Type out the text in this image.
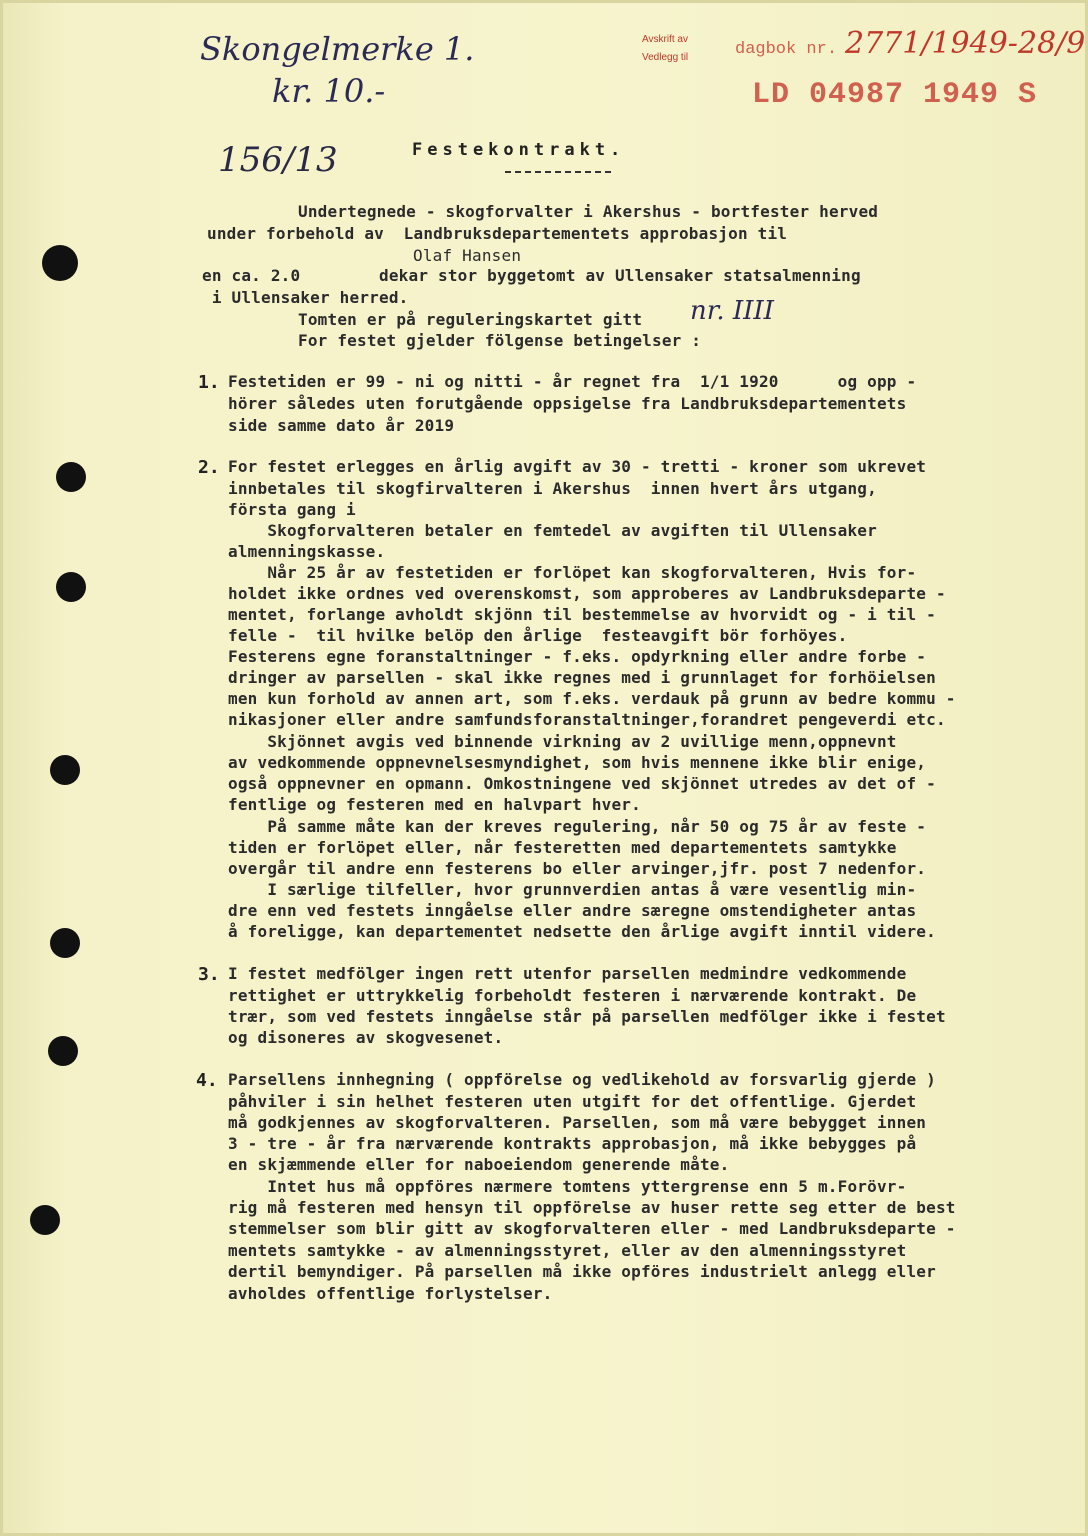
Skongelmerke 1.
kr. 10.-
Avskrift av
Vedlegg til	dagbok nr. 2771/1949-28/9
LD 04987 1949 S
156/13	Festekontrakt.
Undertegnede - skogforvalter i Akershus - bortfester herved
under forbehold av  Landbruksdepartementets approbasjon til
Olaf Hansen
en ca. 2.0        dekar stor byggetomt av Ullensaker statsalmenning
i Ullensaker herred.
Tomten er på reguleringskartet gitt nr. IIII
For festet gjelder fölgense betingelser :
1. Festetiden er 99 - ni og nitti - år regnet fra  1/1 1920      og opp -
hörer således uten forutgående oppsigelse fra Landbruksdepartementets
side samme dato år 2019
2. For festet erlegges en årlig avgift av 30 - tretti - kroner som ukrevet
innbetales til skogfirvalteren i Akershus  innen hvert års utgang,
första gang i
Skogforvalteren betaler en femtedel av avgiften til Ullensaker
almenningskasse.
Når 25 år av festetiden er forlöpet kan skogforvalteren, Hvis for-
holdet ikke ordnes ved overenskomst, som approberes av Landbruksdeparte -
mentet, forlange avholdt skjönn til bestemmelse av hvorvidt og - i til -
felle -  til hvilke belöp den årlige  festeavgift bör forhöyes.
Festerens egne foranstaltninger - f.eks. opdyrkning eller andre forbe -
dringer av parsellen - skal ikke regnes med i grunnlaget for forhöielsen
men kun forhold av annen art, som f.eks. verdauk på grunn av bedre kommu -
nikasjoner eller andre samfundsforanstaltninger,forandret pengeverdi etc.
Skjönnet avgis ved binnende virkning av 2 uvillige menn,oppnevnt
av vedkommende oppnevnelsesmyndighet, som hvis mennene ikke blir enige,
også oppnevner en opmann. Omkostningene ved skjönnet utredes av det of -
fentlige og festeren med en halvpart hver.
På samme måte kan der kreves regulering, når 50 og 75 år av feste -
tiden er forlöpet eller, når festeretten med departementets samtykke
overgår til andre enn festerens bo eller arvinger,jfr. post 7 nedenfor.
I særlige tilfeller, hvor grunnverdien antas å være vesentlig min-
dre enn ved festets inngåelse eller andre særegne omstendigheter antas
å foreligge, kan departementet nedsette den årlige avgift inntil videre.
3. I festet medfölger ingen rett utenfor parsellen medmindre vedkommende
rettighet er uttrykkelig forbeholdt festeren i nærværende kontrakt. De
trær, som ved festets inngåelse står på parsellen medfölger ikke i festet
og disoneres av skogvesenet.
4. Parsellens innhegning ( oppförelse og vedlikehold av forsvarlig gjerde )
påhviler i sin helhet festeren uten utgift for det offentlige. Gjerdet
må godkjennes av skogforvalteren. Parsellen, som må være bebygget innen
3 - tre - år fra nærværende kontrakts approbasjon, må ikke bebygges på
en skjæmmende eller for naboeiendom generende måte.
Intet hus må oppföres nærmere tomtens yttergrense enn 5 m.Forövr-
rig må festeren med hensyn til oppförelse av huser rette seg etter de best
stemmelser som blir gitt av skogforvalteren eller - med Landbruksdeparte -
mentets samtykke - av almenningsstyret, eller av den almenningsstyret
dertil bemyndiger. På parsellen må ikke opföres industrielt anlegg eller
avholdes offentlige forlystelser.
